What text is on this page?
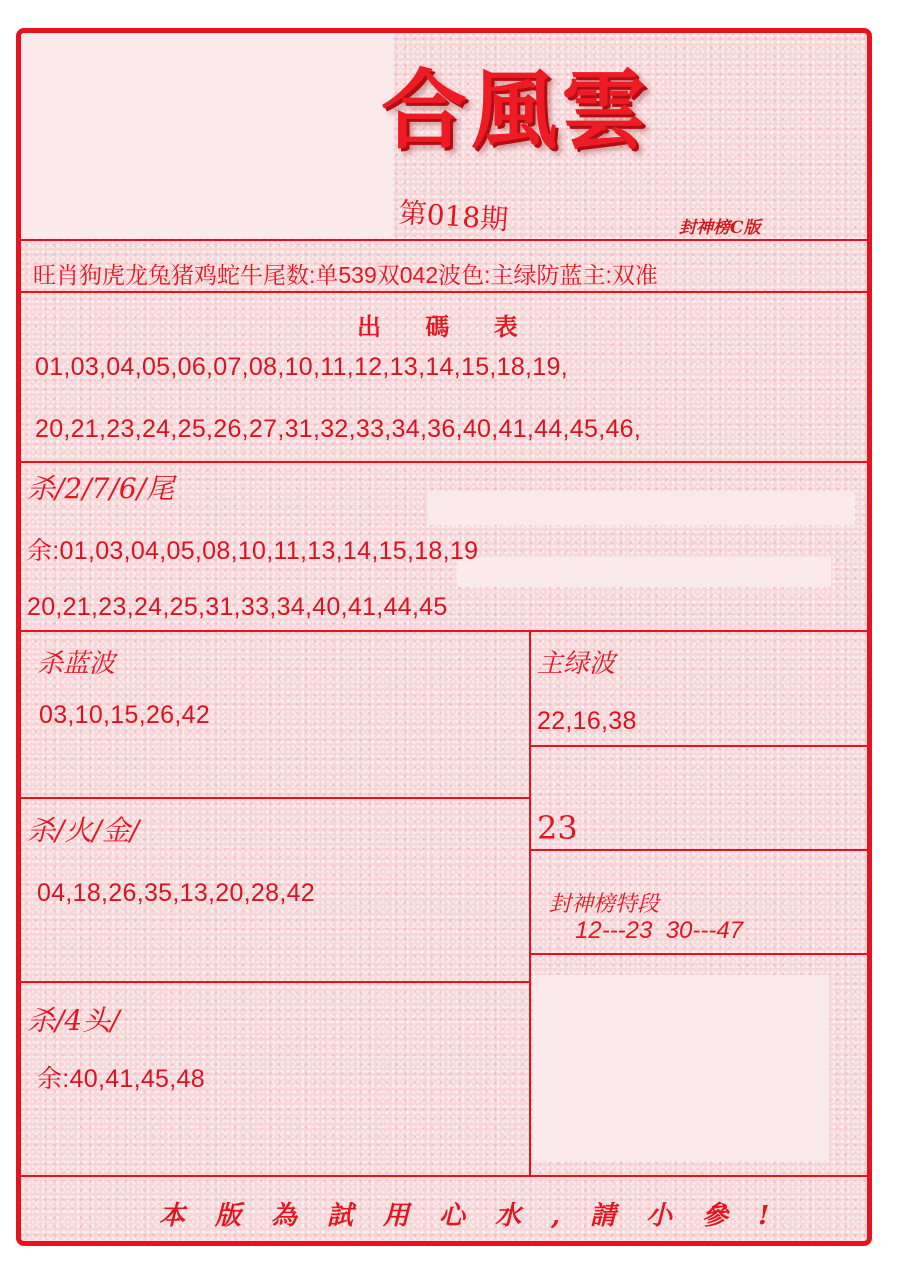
合風雲
第018期	封神榜C版
旺肖狗虎龙兔猪鸡蛇牛尾数:单539双042波色:主绿防蓝主:双准
出 碼 表
01,03,04,05,06,07,08,10,11,12,13,14,15,18,19,
20,21,23,24,25,26,27,31,32,33,34,36,40,41,44,45,46,
杀/2/7/6/尾
余:01,03,04,05,08,10,11,13,14,15,18,19
20,21,23,24,25,31,33,34,40,41,44,45
杀蓝波
03,10,15,26,42
杀/火/金/
04,18,26,35,13,20,28,42
杀/4头/
余:40,41,45,48
主绿波
22,16,38
23
封神榜特段
12---23  30---47
本版為試用心水,請小參!
